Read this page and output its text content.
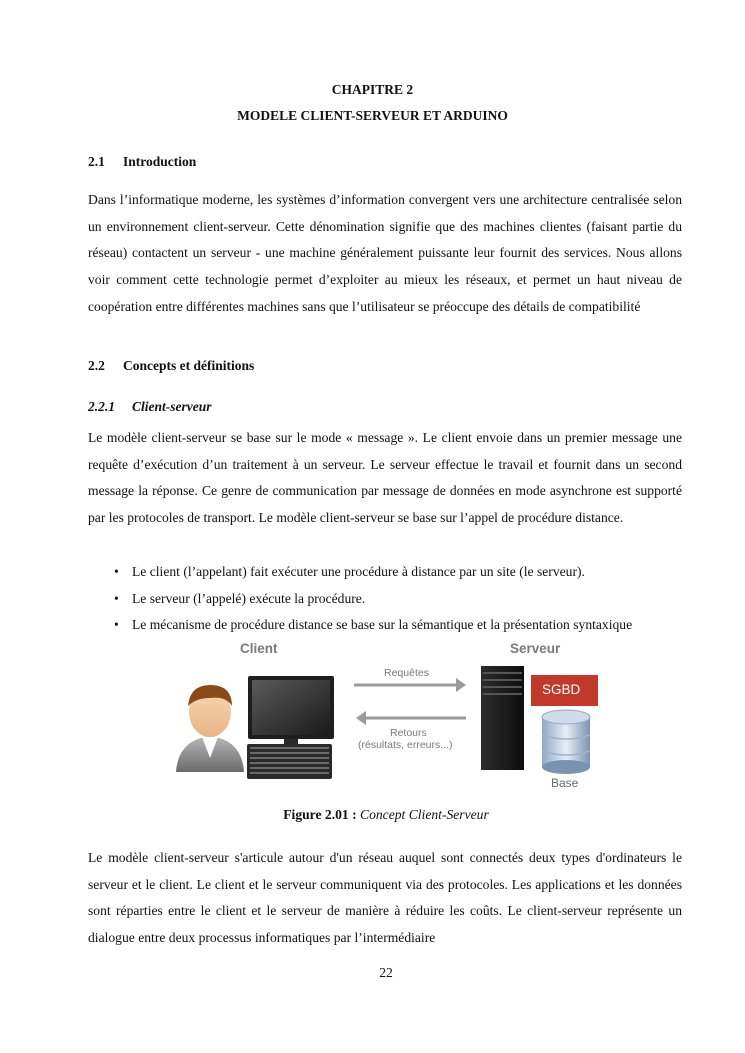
CHAPITRE 2
MODELE CLIENT-SERVEUR ET ARDUINO
2.1 Introduction

Dans l’informatique moderne, les systèmes d’information convergent vers une architecture centralisée selon un environnement client-serveur. Cette dénomination signifie que des machines clientes (faisant partie du réseau) contactent un serveur - une machine généralement puissante leur fournit des services. Nous allons voir comment cette technologie permet d’exploiter au mieux les réseaux, et permet un haut niveau de coopération entre différentes machines sans que l’utilisateur se préoccupe des détails de compatibilité

2.2 Concepts et définitions
2.2.1 Client-serveur

Le modèle client-serveur se base sur le mode « message ». Le client envoie dans un premier message une requête d’exécution d’un traitement à un serveur. Le serveur effectue le travail et fournit dans un second message la réponse. Ce genre de communication par message de données en mode asynchrone est supporté par les protocoles de transport. Le modèle client-serveur se base sur l’appel de procédure distance.

• Le client (l’appelant) fait exécuter une procédure à distance par un site (le serveur).
• Le serveur (l’appelé) exécute la procédure.
• Le mécanisme de procédure distance se base sur la sémantique et la présentation syntaxique
Client	Serveur
Requêtes
Retours
(résultats, erreurs...)
SGBD
Base
Figure 2.01 : Concept Client-Serveur

Le modèle client-serveur s'articule autour d'un réseau auquel sont connectés deux types d'ordinateurs le serveur et le client. Le client et le serveur communiquent via des protocoles. Les applications et les données sont réparties entre le client et le serveur de manière à réduire les coûts. Le client-serveur représente un dialogue entre deux processus informatiques par l’intermédiaire

22
